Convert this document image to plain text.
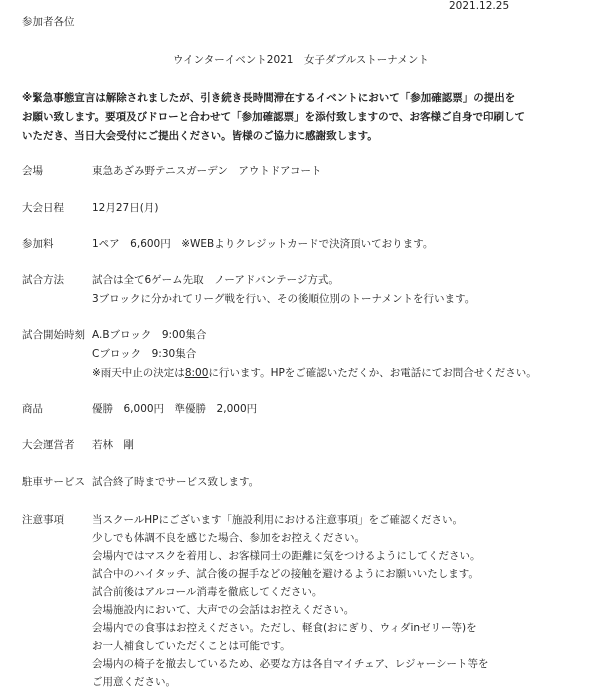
2021.12.25
参加者各位
ウインターイベント2021　女子ダブルストーナメント
※緊急事態宣言は解除されましたが、引き続き長時間滞在するイベントにおいて「参加確認票」の提出を
お願い致します。要項及びドローと合わせて「参加確認票」を添付致しますので、お客様ご自身で印刷して
いただき、当日大会受付にご提出ください。皆様のご協力に感謝致します。
会場	東急あざみ野テニスガーデン　アウトドアコート
大会日程	12月27日(月)
参加料	1ペア　6,600円　※WEBよりクレジットカードで決済頂いております。
試合方法	試合は全て6ゲーム先取　ノーアドバンテージ方式。
3ブロックに分かれてリーグ戦を行い、その後順位別のトーナメントを行います。
試合開始時刻 A.Bブロック　9:00集合
Cブロック　9:30集合
※雨天中止の決定は8:00に行います。HPをご確認いただくか、お電話にてお問合せください。
商品	優勝　6,000円　準優勝　2,000円
大会運営者 若林　剛
駐車サービス 試合終了時までサービス致します。
注意事項	当スクールHPにございます「施設利用における注意事項」をご確認ください。
少しでも体調不良を感じた場合、参加をお控えください。
会場内ではマスクを着用し、お客様同士の距離に気をつけるようにしてください。
試合中のハイタッチ、試合後の握手などの接触を避けるようにお願いいたします。
試合前後はアルコール消毒を徹底してください。
会場施設内において、大声での会話はお控えください。
会場内での食事はお控えください。ただし、軽食(おにぎり、ウィダinゼリー等)を
お一人補食していただくことは可能です。
会場内の椅子を撤去しているため、必要な方は各自マイチェア、レジャーシート等を
ご用意ください。
